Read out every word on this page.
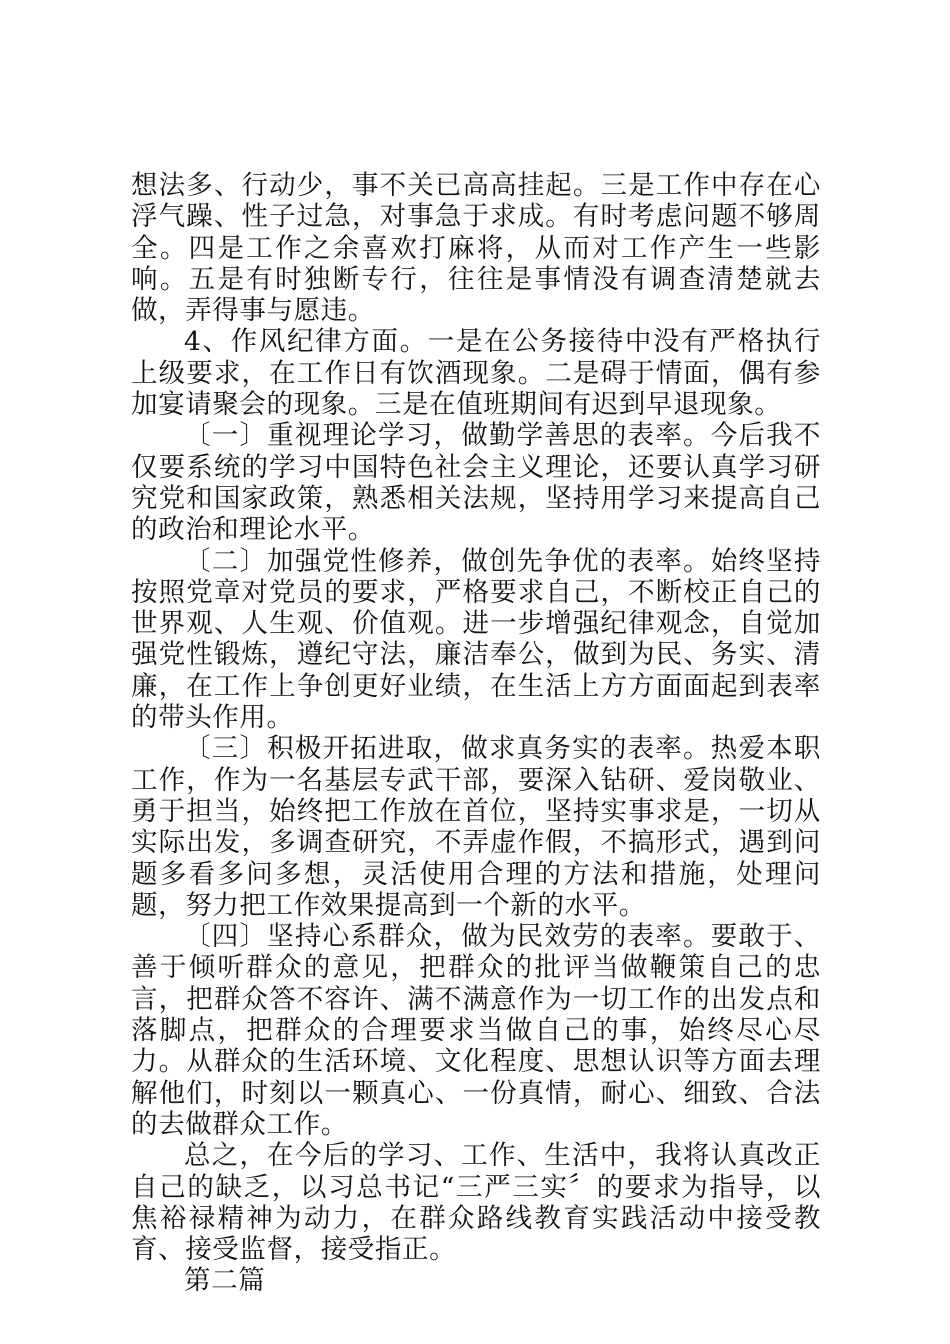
想法多、行动少，事不关已高高挂起。三是工作中存在心浮气躁、性子过急，对事急于求成。有时考虑问题不够周全。四是工作之余喜欢打麻将，从而对工作产生一些影响。五是有时独断专行，往往是事情没有调查清楚就去做，弄得事与愿违。

4、作风纪律方面。一是在公务接待中没有严格执行上级要求，在工作日有饮酒现象。二是碍于情面，偶有参加宴请聚会的现象。三是在值班期间有迟到早退现象。

〔一〕重视理论学习，做勤学善思的表率。今后我不仅要系统的学习中国特色社会主义理论，还要认真学习研究党和国家政策，熟悉相关法规，坚持用学习来提高自己的政治和理论水平。

〔二〕加强党性修养，做创先争优的表率。始终坚持按照党章对党员的要求，严格要求自己，不断校正自己的世界观、人生观、价值观。进一步增强纪律观念，自觉加强党性锻炼，遵纪守法，廉洁奉公，做到为民、务实、清廉，在工作上争创更好业绩，在生活上方方面面起到表率的带头作用。

〔三〕积极开拓进取，做求真务实的表率。热爱本职工作，作为一名基层专武干部，要深入钻研、爱岗敬业、勇于担当，始终把工作放在首位，坚持实事求是，一切从实际出发，多调查研究，不弄虚作假，不搞形式，遇到问题多看多问多想，灵活使用合理的方法和措施，处理问题，努力把工作效果提高到一个新的水平。

〔四〕坚持心系群众，做为民效劳的表率。要敢于、善于倾听群众的意见，把群众的批评当做鞭策自己的忠言，把群众答不容许、满不满意作为一切工作的出发点和落脚点，把群众的合理要求当做自己的事，始终尽心尽力。从群众的生活环境、文化程度、思想认识等方面去理解他们，时刻以一颗真心、一份真情，耐心、细致、合法的去做群众工作。

总之，在今后的学习、工作、生活中，我将认真改正自己的缺乏，以习总书记“三严三实〞的要求为指导，以焦裕禄精神为动力，在群众路线教育实践活动中接受教育、接受监督，接受指正。

第二篇
